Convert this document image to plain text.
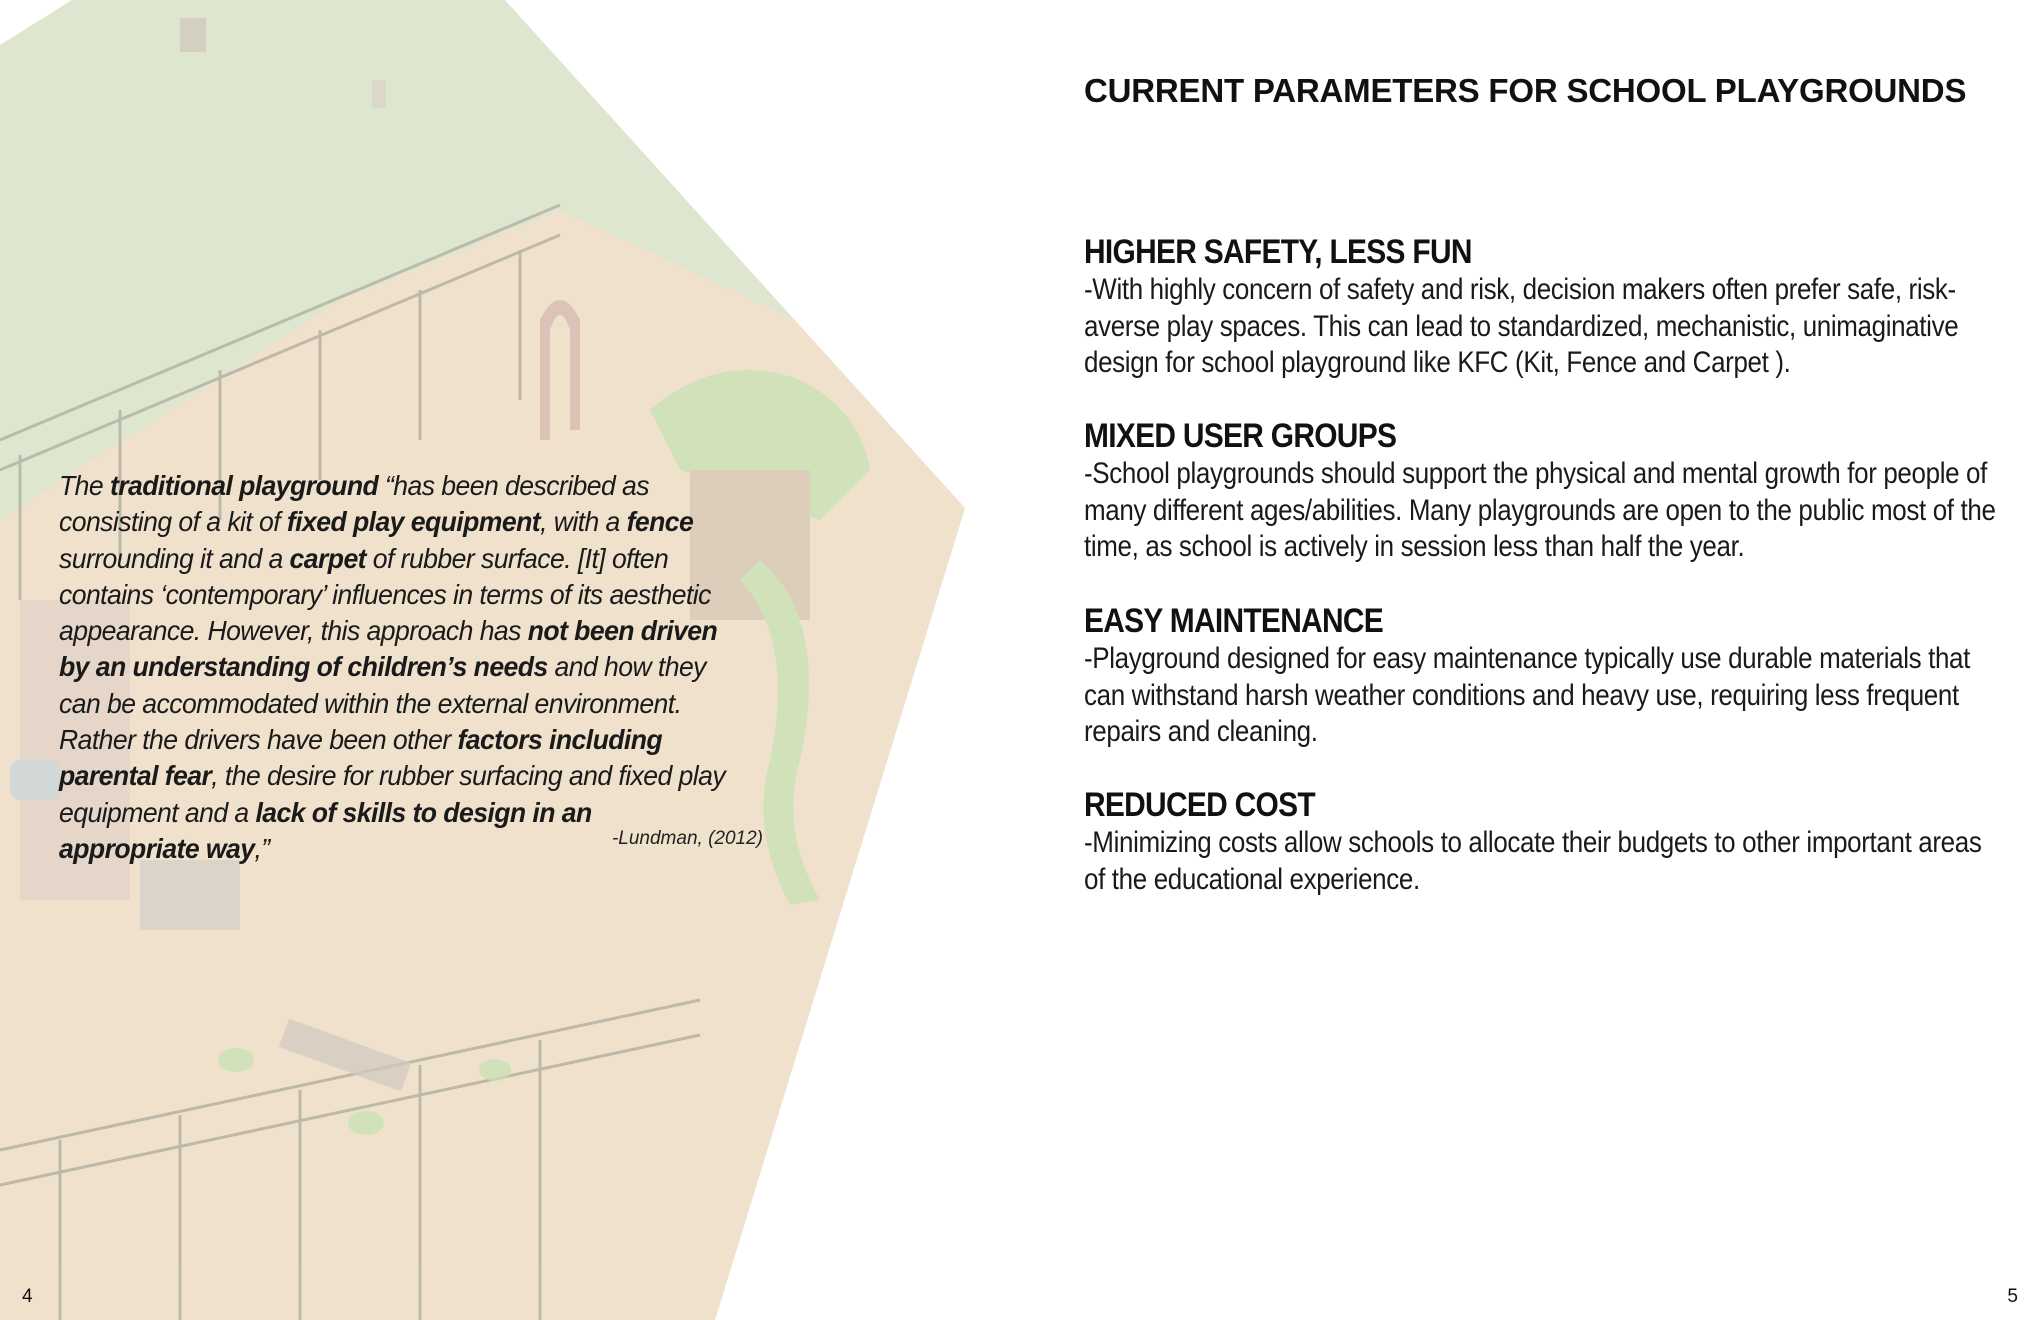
The traditional playground “has been described as consisting of a kit of fixed play equipment, with a fence surrounding it and a carpet of rubber surface. [It] often contains ‘contemporary’ influences in terms of its aesthetic appearance. However, this approach has not been driven by an understanding of children’s needs and how they can be accommodated within the external environment. Rather the drivers have been other factors including parental fear, the desire for rubber surfacing and fixed play equipment and a lack of skills to design in an appropriate way,”	-Lundman, (2012)
CURRENT PARAMETERS FOR SCHOOL PLAYGROUNDS
HIGHER SAFETY, LESS FUN
-With highly concern of safety and risk, decision makers often prefer safe, risk-averse play spaces. This can lead to standardized, mechanistic, unimaginative design for school playground like KFC (Kit, Fence and Carpet ).
MIXED USER GROUPS
-School playgrounds should support the physical and mental growth for people of many different ages/abilities. Many playgrounds are open to the public most of the time, as school is actively in session less than half the year.
EASY MAINTENANCE
-Playground designed for easy maintenance typically use durable materials that can withstand harsh weather conditions and heavy use, requiring less frequent repairs and cleaning.
REDUCED COST
-Minimizing costs allow schools to allocate their budgets to other important areas of the educational experience.
4	5
